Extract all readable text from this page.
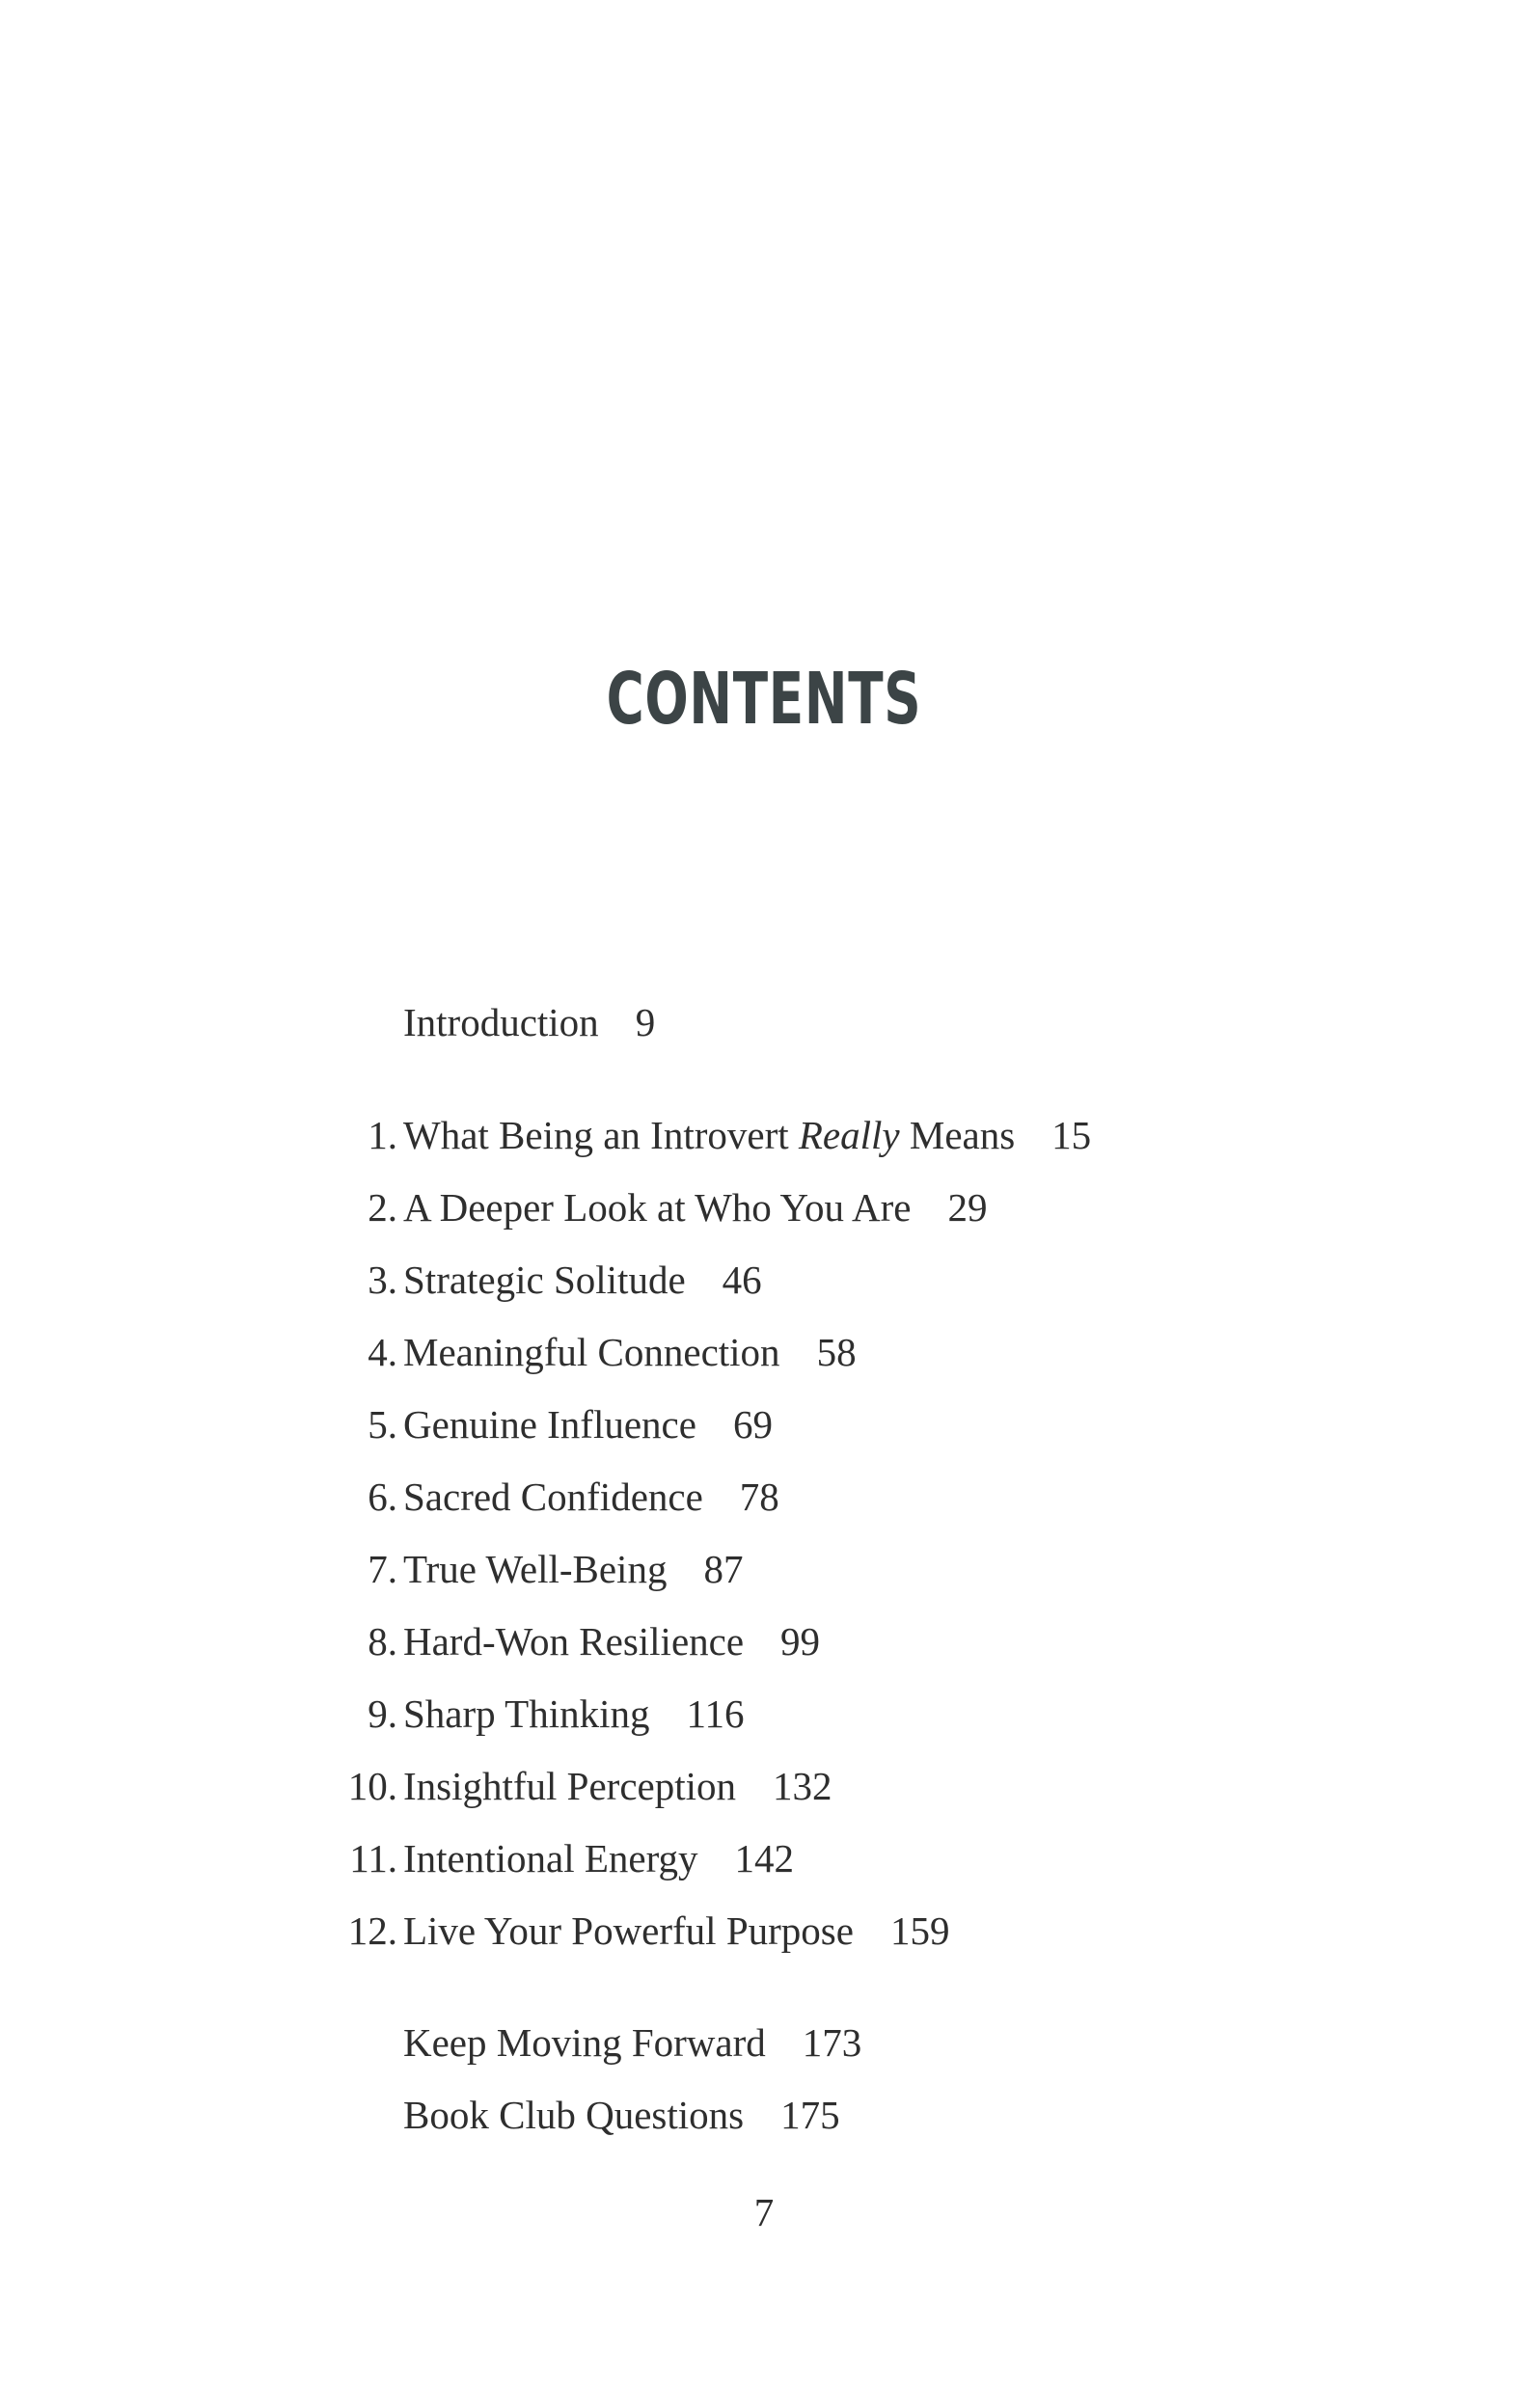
CONTENTS
Introduction 9
1. What Being an Introvert Really Means 15
2. A Deeper Look at Who You Are 29
3. Strategic Solitude 46
4. Meaningful Connection 58
5. Genuine Influence 69
6. Sacred Confidence 78
7. True Well-Being 87
8. Hard-Won Resilience 99
9. Sharp Thinking 116
10. Insightful Perception 132
11. Intentional Energy 142
12. Live Your Powerful Purpose 159
Keep Moving Forward 173
Book Club Questions 175
7
